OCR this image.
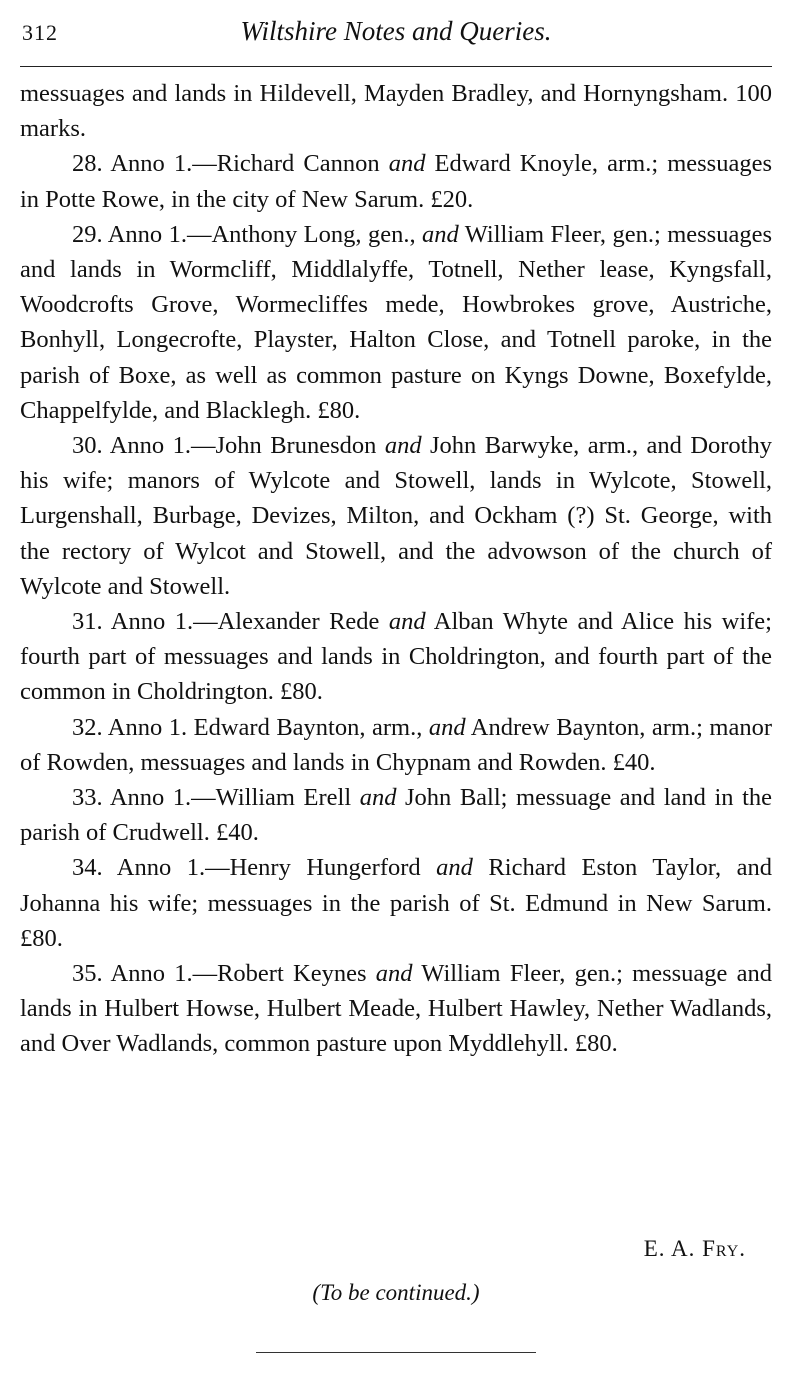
312	Wiltshire Notes and Queries.

messuages and lands in Hildevell, Mayden Bradley, and Hornyngsham. 100 marks.

28. Anno 1.—Richard Cannon and Edward Knoyle, arm.; messuages in Potte Rowe, in the city of New Sarum. £20.

29. Anno 1.—Anthony Long, gen., and William Fleer, gen.; messuages and lands in Wormcliff, Middlalyffe, Totnell, Nether lease, Kyngsfall, Woodcrofts Grove, Wormecliffes mede, Howbrokes grove, Austriche, Bonhyll, Longecrofte, Playster, Halton Close, and Totnell paroke, in the parish of Boxe, as well as common pasture on Kyngs Downe, Boxefylde, Chappelfylde, and Blacklegh. £80.

30. Anno 1.—John Brunesdon and John Barwyke, arm., and Dorothy his wife; manors of Wylcote and Stowell, lands in Wylcote, Stowell, Lurgenshall, Burbage, Devizes, Milton, and Ockham (?) St. George, with the rectory of Wylcot and Stowell, and the advowson of the church of Wylcote and Stowell.

31. Anno 1.—Alexander Rede and Alban Whyte and Alice his wife; fourth part of messuages and lands in Choldrington, and fourth part of the common in Choldrington. £80.

32. Anno 1. Edward Baynton, arm., and Andrew Baynton, arm.; manor of Rowden, messuages and lands in Chypnam and Rowden. £40.

33. Anno 1.—William Erell and John Ball; messuage and land in the parish of Crudwell. £40.

34. Anno 1.—Henry Hungerford and Richard Eston Taylor, and Johanna his wife; messuages in the parish of St. Edmund in New Sarum. £80.

35. Anno 1.—Robert Keynes and William Fleer, gen.; messuage and lands in Hulbert Howse, Hulbert Meade, Hulbert Hawley, Nether Wadlands, and Over Wadlands, common pasture upon Myddlehyll. £80.

E. A. Fry.
(To be continued.)
